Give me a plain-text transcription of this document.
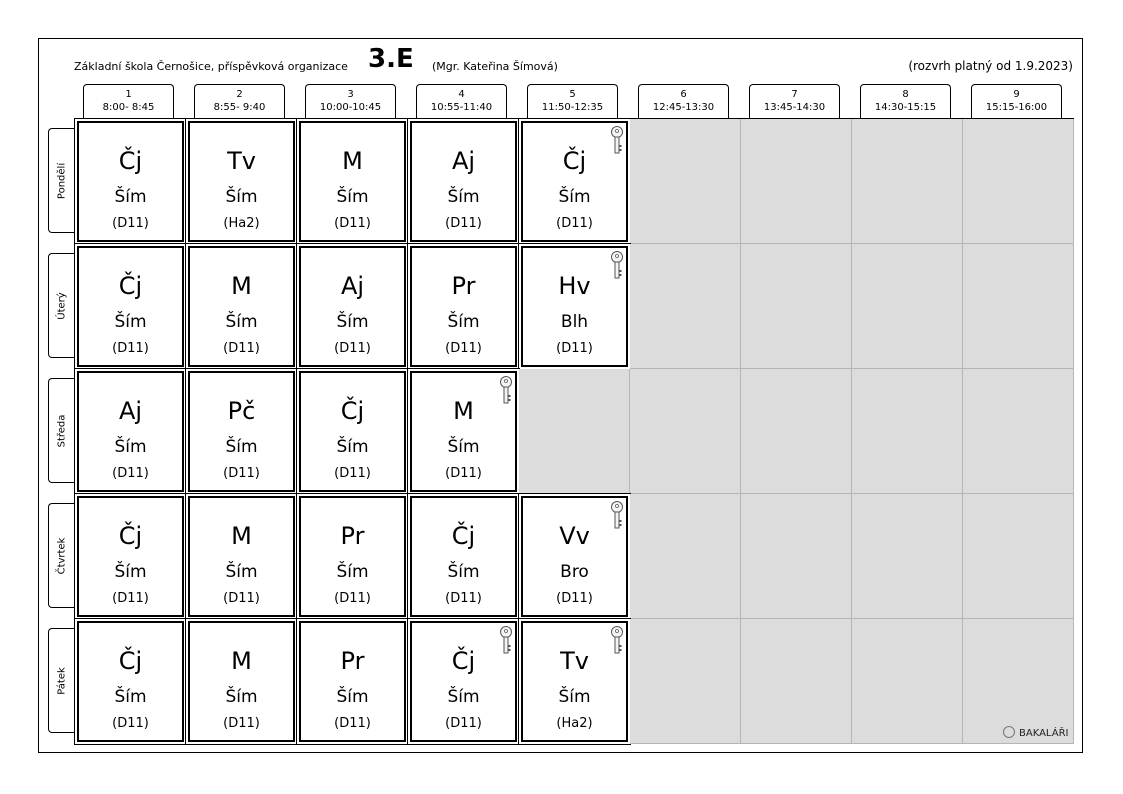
Základní škola Černošice, příspěvková organizace 3.E (Mgr. Kateřina Šímová)	(rozvrh platný od 1.9.2023)
1
8:00- 8:45
2
8:55- 9:40
3
10:00-10:45
4
10:55-11:40
5
11:50-12:35
6
12:45-13:30
7
13:45-14:30
8
14:30-15:15
9
15:15-16:00
Pondělí
Úterý
Středa
Čtvrtek
Pátek
Čj
Ším
(D11)
Tv
Ším
(Ha2)
M
Ším
(D11)
Aj
Ším
(D11)
Čj
Ším
(D11)
Čj
Ším
(D11)
M
Ším
(D11)
Aj
Ším
(D11)
Pr
Ším
(D11)
Hv
Blh
(D11)
Aj
Ším
(D11)
Pč
Ším
(D11)
Čj
Ším
(D11)
M
Ším
(D11)
Čj
Ším
(D11)
M
Ším
(D11)
Pr
Ším
(D11)
Čj
Ším
(D11)
Vv
Bro
(D11)
Čj
Ším
(D11)
M
Ším
(D11)
Pr
Ším
(D11)
Čj
Ším
(D11)
Tv
Ším
(Ha2)
BAKALÁŘI
